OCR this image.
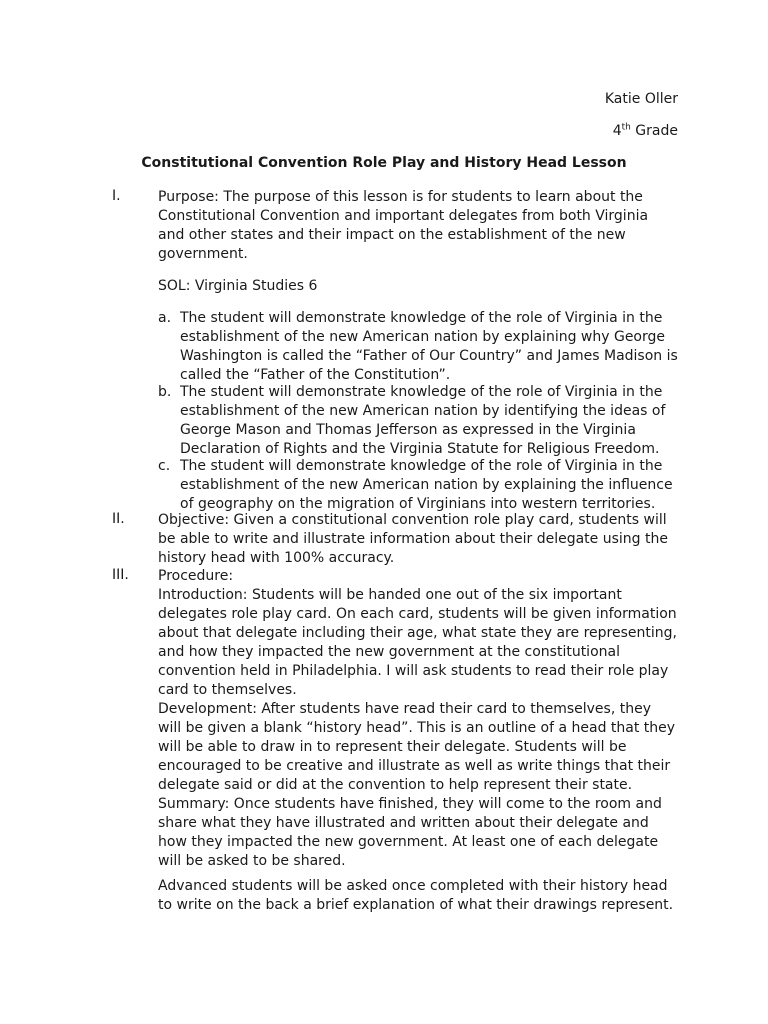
Katie Oller
4th Grade
Constitutional Convention Role Play and History Head Lesson
I.	Purpose: The purpose of this lesson is for students to learn about the Constitutional Convention and important delegates from both Virginia and other states and their impact on the establishment of the new government.
SOL: Virginia Studies 6
a. The student will demonstrate knowledge of the role of Virginia in the establishment of the new American nation by explaining why George Washington is called the “Father of Our Country” and James Madison is called the “Father of the Constitution”.
b. The student will demonstrate knowledge of the role of Virginia in the establishment of the new American nation by identifying the ideas of George Mason and Thomas Jefferson as expressed in the Virginia Declaration of Rights and the Virginia Statute for Religious Freedom.
c. The student will demonstrate knowledge of the role of Virginia in the establishment of the new American nation by explaining the influence of geography on the migration of Virginians into western territories.
II. Objective: Given a constitutional convention role play card, students will be able to write and illustrate information about their delegate using the history head with 100% accuracy.
III. Procedure:

Introduction: Students will be handed one out of the six important delegates role play card. On each card, students will be given information about that delegate including their age, what state they are representing, and how they impacted the new government at the constitutional convention held in Philadelphia. I will ask students to read their role play card to themselves.

Development: After students have read their card to themselves, they will be given a blank “history head”. This is an outline of a head that they will be able to draw in to represent their delegate. Students will be encouraged to be creative and illustrate as well as write things that their delegate said or did at the convention to help represent their state.

Summary: Once students have finished, they will come to the room and share what they have illustrated and written about their delegate and how they impacted the new government. At least one of each delegate will be asked to be shared.

Advanced students will be asked once completed with their history head to write on the back a brief explanation of what their drawings represent.
